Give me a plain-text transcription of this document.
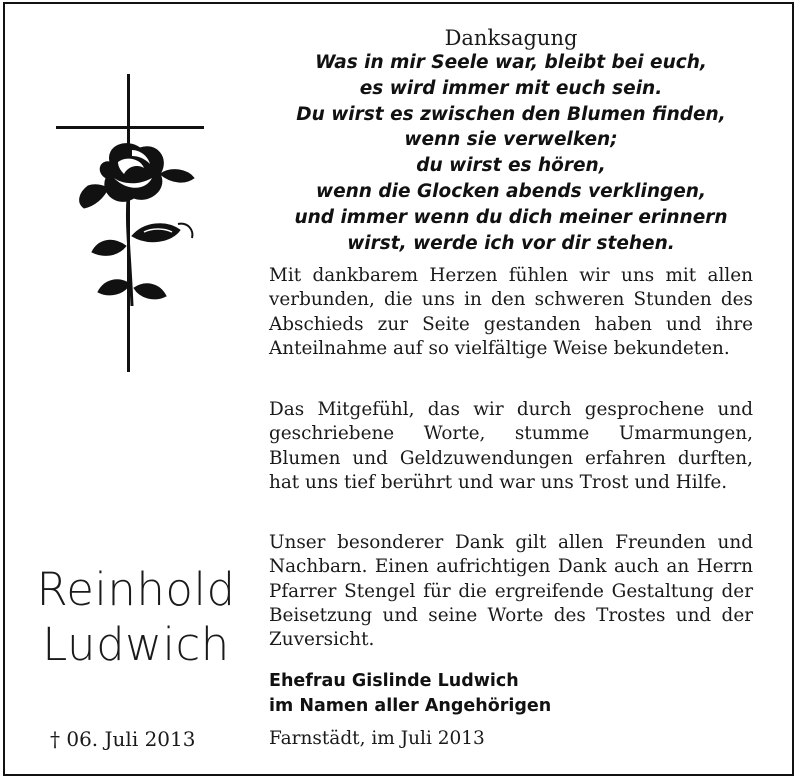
Reinhold
Ludwich
† 06. Juli 2013
Danksagung
Was in mir Seele war, bleibt bei euch,
es wird immer mit euch sein.
Du wirst es zwischen den Blumen finden,
wenn sie verwelken;
du wirst es hören,
wenn die Glocken abends verklingen,
und immer wenn du dich meiner erinnern
wirst, werde ich vor dir stehen.
Mit dankbarem Herzen fühlen wir uns mit allen verbunden, die uns in den schweren Stunden des Abschieds zur Seite gestanden haben und ihre Anteilnahme auf so vielfältige Weise bekundeten.
Das Mitgefühl, das wir durch gesprochene und geschriebene Worte, stumme Umarmungen, Blumen und Geldzuwendungen erfahren durften, hat uns tief berührt und war uns Trost und Hilfe.
Unser besonderer Dank gilt allen Freunden und Nachbarn. Einen aufrichtigen Dank auch an Herrn Pfarrer Stengel für die ergreifende Gestaltung der Beisetzung und seine Worte des Trostes und der Zuversicht.
Ehefrau Gislinde Ludwich
im Namen aller Angehörigen
Farnstädt, im Juli 2013
